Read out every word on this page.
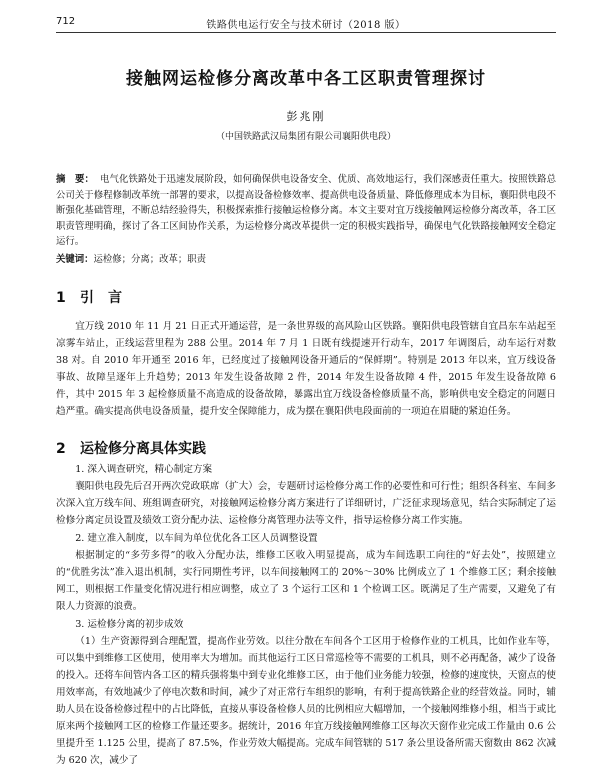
712	铁路供电运行安全与技术研讨（2018 版）
接触网运检修分离改革中各工区职责管理探讨
彭兆刚
（中国铁路武汉局集团有限公司襄阳供电段）
摘　要： 电气化铁路处于迅速发展阶段，如何确保供电设备安全、优质、高效地运行，我们深感责任重大。按照铁路总公司关于修程修制改革统一部署的要求，以提高设备检修效率、提高供电设备质量、降低修理成本为目标，襄阳供电段不断强化基础管理，不断总结经验得失，积极探索推行接触运检修分离。本文主要对宜万线接触网运检修分离改革，各工区职责管理明确，探讨了各工区间协作关系，为运检修分离改革提供一定的积极实践指导，确保电气化铁路接触网安全稳定运行。
关键词：运检修；分离；改革；职责
1 引　言
宜万线 2010 年 11 月 21 日正式开通运营，是一条世界级的高风险山区铁路。襄阳供电段管辖自宜昌东车站起至凉雾车站止，正线运营里程为 288 公里。2014 年 7 月 1 日既有线提速开行动车，2017 年调图后，动车运行对数 38 对。自 2010 年开通至 2016 年，已经度过了接触网设备开通后的“保鲜期”。特别是 2013 年以来，宜万线设备事故、故障呈逐年上升趋势；2013 年发生设备故障 2 件，2014 年发生设备故障 4 件，2015 年发生设备故障 6 件，其中 2015 年 3 起检修质量不高造成的设备故障，暴露出宜万线设备检修质量不高，影响供电安全稳定的问题日趋严重。确实提高供电设备质量，提升安全保障能力，成为摆在襄阳供电段面前的一项迫在眉睫的紧迫任务。
2 运检修分离具体实践
1. 深入调查研究，精心制定方案
襄阳供电段先后召开两次党政联席（扩大）会，专题研讨运检修分离工作的必要性和可行性；组织各科室、车间多次深入宜万线车间、班组调查研究，对接触网运检修分离方案进行了详细研讨，广泛征求现场意见，结合实际制定了运检修分离定员设置及绩效工资分配办法、运检修分离管理办法等文件，指导运检修分离工作实施。
2. 建立准入制度，以车间为单位优化各工区人员调整设置
根据制定的“多劳多得”的收入分配办法，维修工区收入明显提高，成为车间选职工向往的“好去处”，按照建立的“优胜劣汰”准入退出机制，实行同期性考评，以车间接触网工的 20%～30% 比例成立了 1 个维修工区；剩余接触网工，则根据工作量变化情况进行相应调整，成立了 3 个运行工区和 1 个检调工区。既满足了生产需要，又避免了有限人力资源的浪费。
3. 运检修分离的初步成效
（1）生产资源得到合理配置，提高作业劳效。以往分散在车间各个工区用于检修作业的工机具，比如作业车等，可以集中到维修工区使用，使用率大为增加。而其他运行工区日常巡检等不需要的工机具，则不必再配备，减少了设备的投入。还将车间管内各工区的精兵强将集中到专业化维修工区，由于他们业务能力较强，检修的速度快，天窗点的使用效率高，有效地减少了停电次数和时间，减少了对正常行车组织的影响，有利于提高铁路企业的经营效益。同时，辅助人员在设备检修过程中的占比降低，直接从事设备检修人员的比例相应大幅增加，一个接触网维修小组，相当于或比原来两个接触网工区的检修工作量还要多。据统计，2016 年宜万线接触网维修工区每次天窗作业完成工作量由 0.6 公里提升至 1.125 公里，提高了 87.5%，作业劳效大幅提高。完成车间管辖的 517 条公里设备所需天窗数由 862 次减为 620 次，减少了
